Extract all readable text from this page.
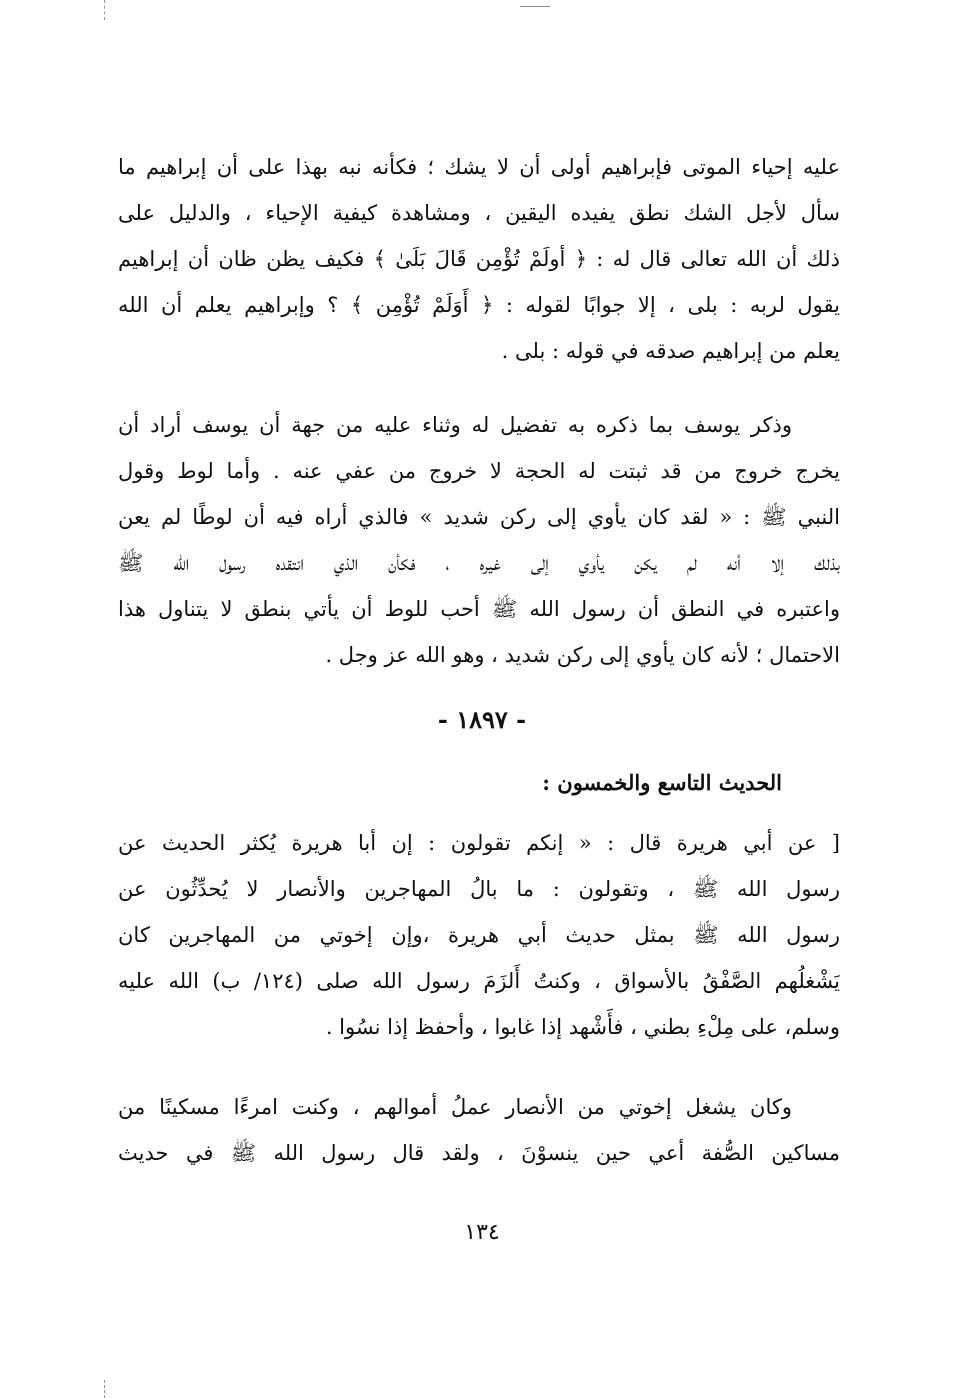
عليه إحياء الموتى فإبراهيم أولى أن لا يشك ؛ فكأنه نبه بهذا على أن إبراهيم ما
سأل لأجل الشك نطق يفيده اليقين ، ومشاهدة كيفية الإحياء ، والدليل على
ذلك أن الله تعالى قال له : ﴿ أولَمْ تُؤْمِن قَالَ بَلَىٰ ﴾ فكيف يظن ظان أن إبراهيم
يقول لربه : بلى ، إلا جوابًا لقوله : ﴿ أَوَلَمْ تُؤْمِن ﴾ ؟ وإبراهيم يعلم أن الله
يعلم من إبراهيم صدقه في قوله : بلى .
وذكر يوسف بما ذكره به تفضيل له وثناء عليه من جهة أن يوسف أراد أن
يخرج خروج من قد ثبتت له الحجة لا خروج من عفي عنه . وأما لوط وقول
النبي ﷺ : « لقد كان يأوي إلى ركن شديد » فالذي أراه فيه أن لوطًا لم يعن
بذلك إلا أنه لم يكن يأوي إلى غيره ، فكأن الذي انتقده رسول الله ﷺ
واعتبره في النطق أن رسول الله ﷺ أحب للوط أن يأتي بنطق لا يتناول هذا
الاحتمال ؛ لأنه كان يأوي إلى ركن شديد ، وهو الله عز وجل .
- ١٨٩٧ -
الحديث التاسع والخمسون :
[ عن أبي هريرة قال : « إنكم تقولون : إن أبا هريرة يُكثر الحديث عن
رسول الله ﷺ ، وتقولون : ما بالُ المهاجرين والأنصار لا يُحدِّثُون عن
رسول الله ﷺ بمثل حديث أبي هريرة ،وإن إخوتي من المهاجرين كان
يَشْغلُهم الصَّفْقُ بالأسواق ، وكنتُ أَلزَمَ رسول الله صلى (١٢٤/ ب) الله عليه
وسلم، على مِلْءِ بطني ، فأَشْهد إذا غابوا ، وأحفظ إذا نسُوا .
وكان يشغل إخوتي من الأنصار عملُ أموالهم ، وكنت امرءًا مسكينًا من
مساكين الصُّفة أعي حين ينسوْنَ ، ولقد قال رسول الله ﷺ في حديث
١٣٤
